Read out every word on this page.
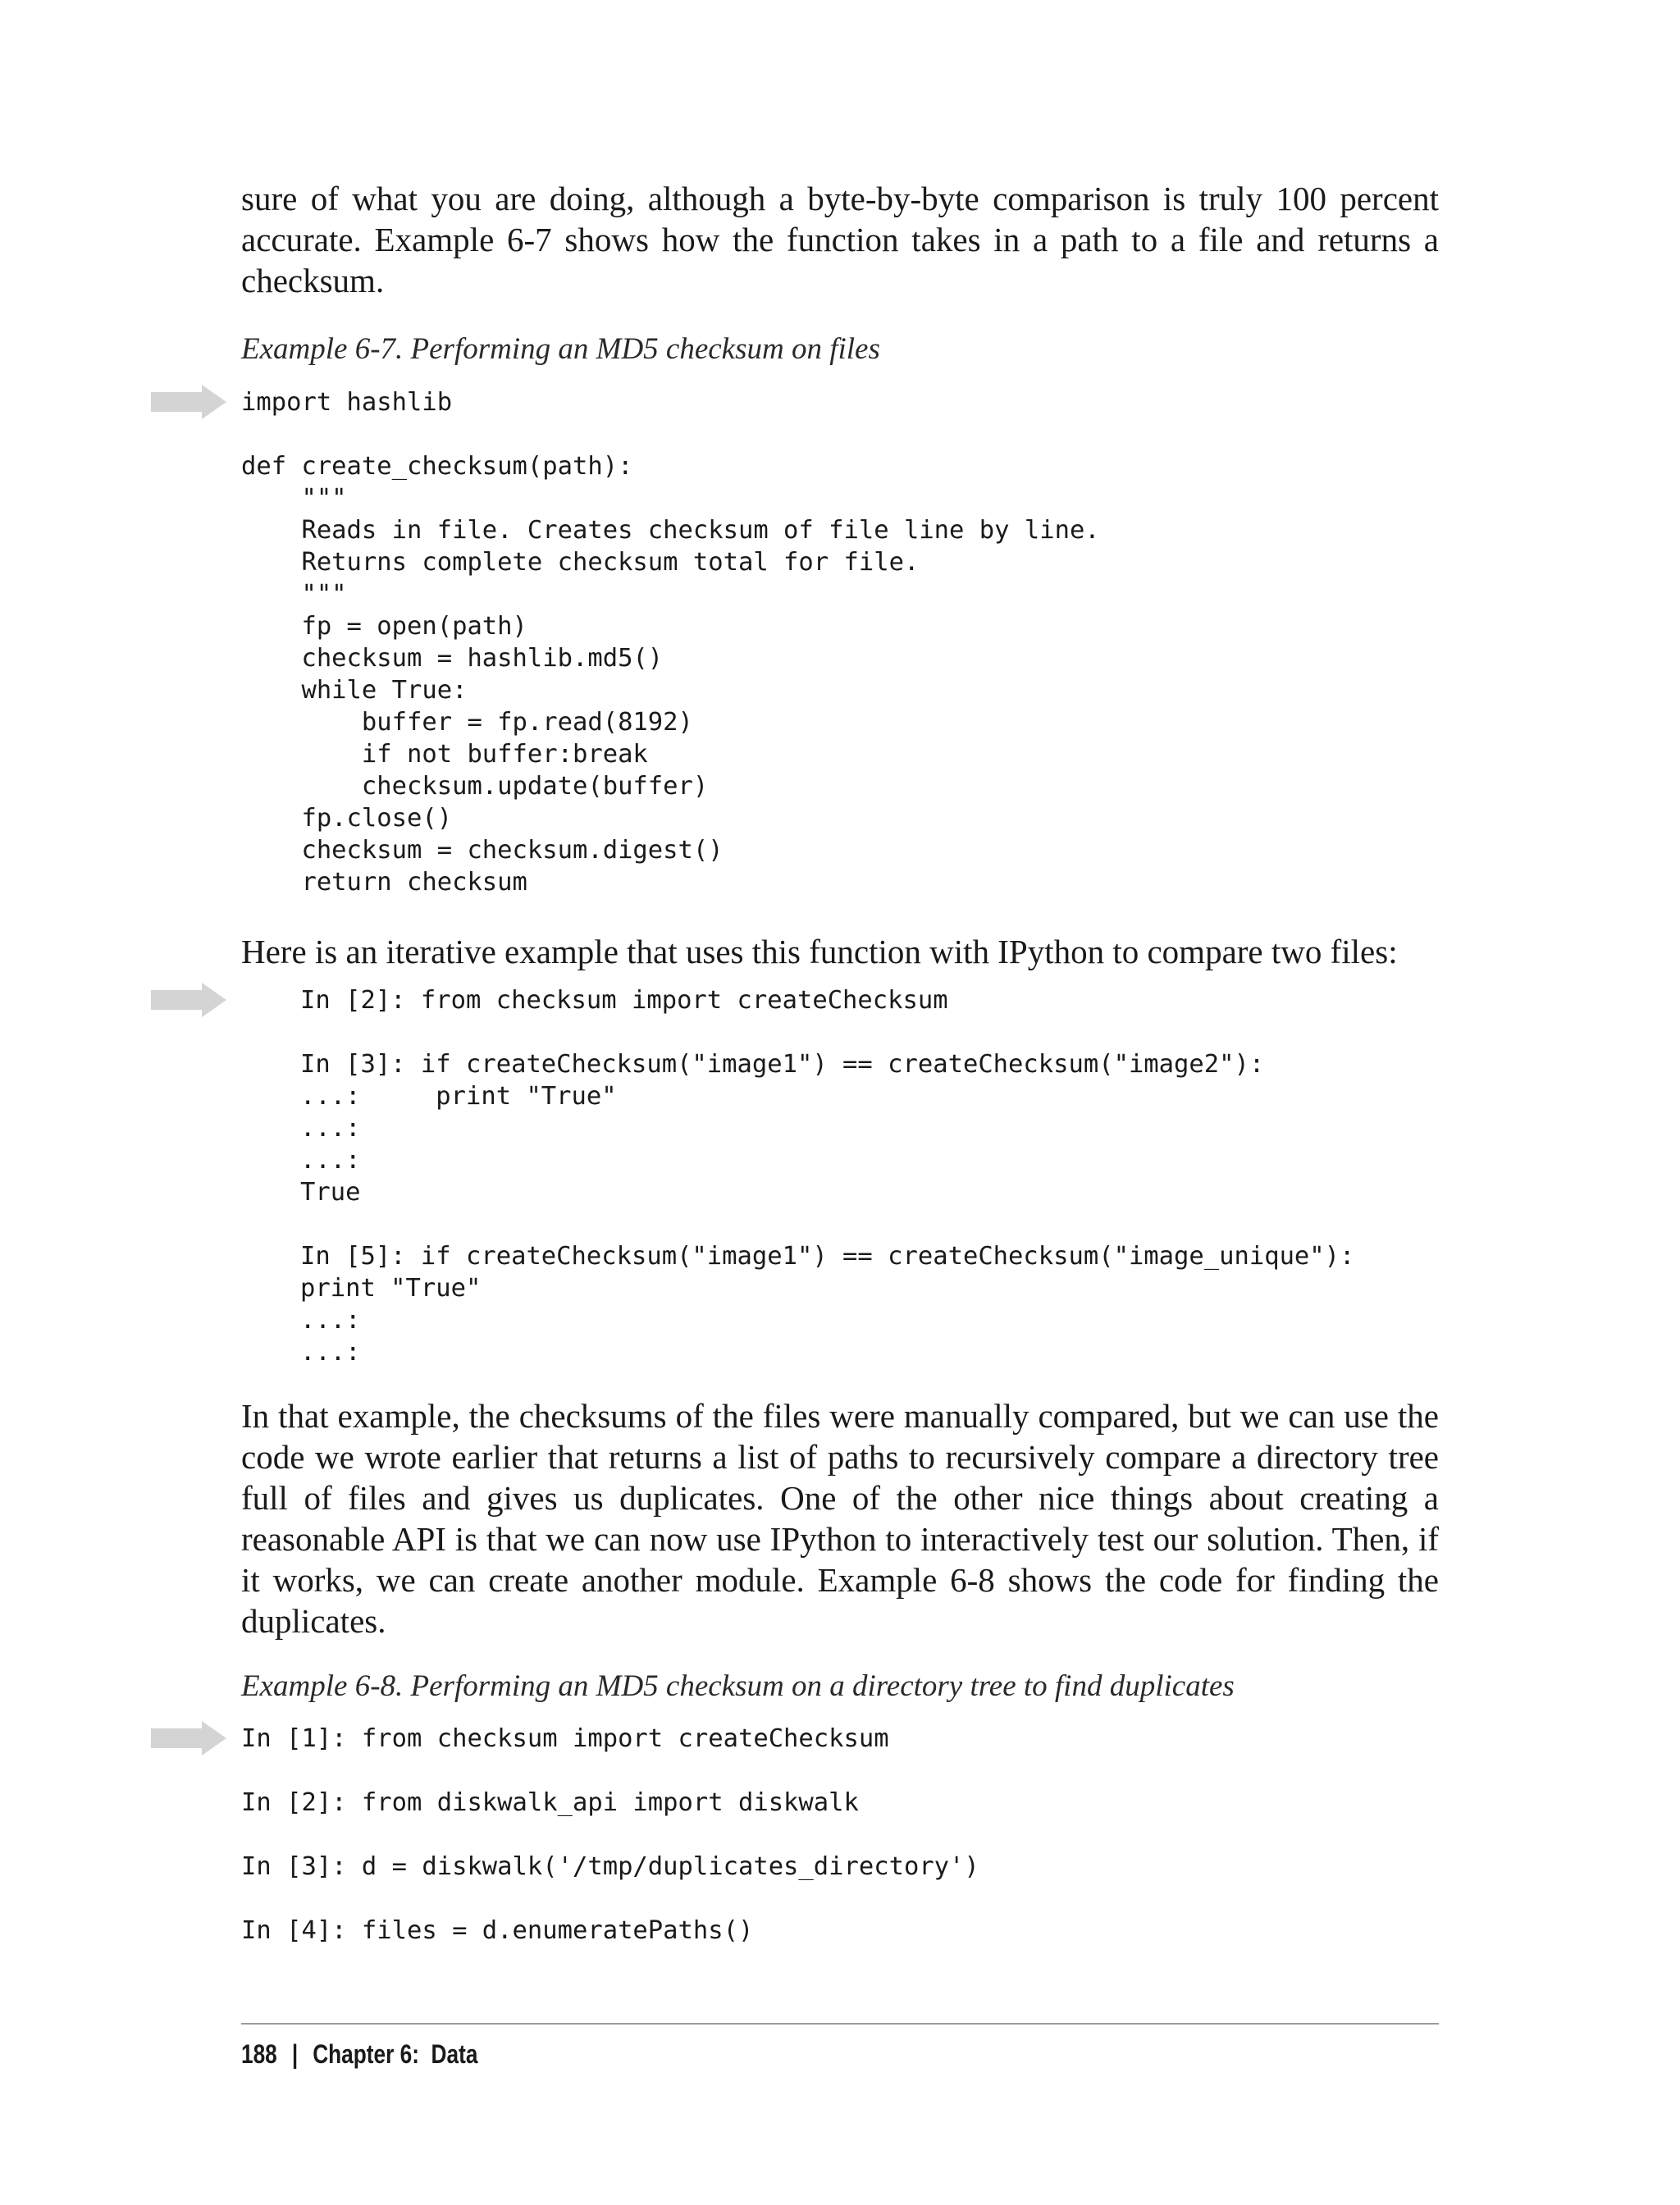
sure of what you are doing, although a byte-by-byte comparison is truly 100 percent accurate. Example 6-7 shows how the function takes in a path to a file and returns a checksum.

Example 6-7. Performing an MD5 checksum on files

import hashlib
def create_checksum(path):
"""
Reads in file. Creates checksum of file line by line.
Returns complete checksum total for file.
"""
fp = open(path)
checksum = hashlib.md5()
while True:
buffer = fp.read(8192)
if not buffer:break
checksum.update(buffer)
fp.close()
checksum = checksum.digest()
return checksum

Here is an iterative example that uses this function with IPython to compare two files:

In [2]: from checksum import createChecksum
In [3]: if createChecksum("image1") == createChecksum("image2"):
...:     print "True"
...:
...:
True
In [5]: if createChecksum("image1") == createChecksum("image_unique"):
print "True"
...:
...:

In that example, the checksums of the files were manually compared, but we can use the code we wrote earlier that returns a list of paths to recursively compare a directory tree full of files and gives us duplicates. One of the other nice things about creating a reasonable API is that we can now use IPython to interactively test our solution. Then, if it works, we can create another module. Example 6-8 shows the code for finding the duplicates.

Example 6-8. Performing an MD5 checksum on a directory tree to find duplicates

In [1]: from checksum import createChecksum
In [2]: from diskwalk_api import diskwalk
In [3]: d = diskwalk('/tmp/duplicates_directory')
In [4]: files = d.enumeratePaths()
188 | Chapter 6:  Data
